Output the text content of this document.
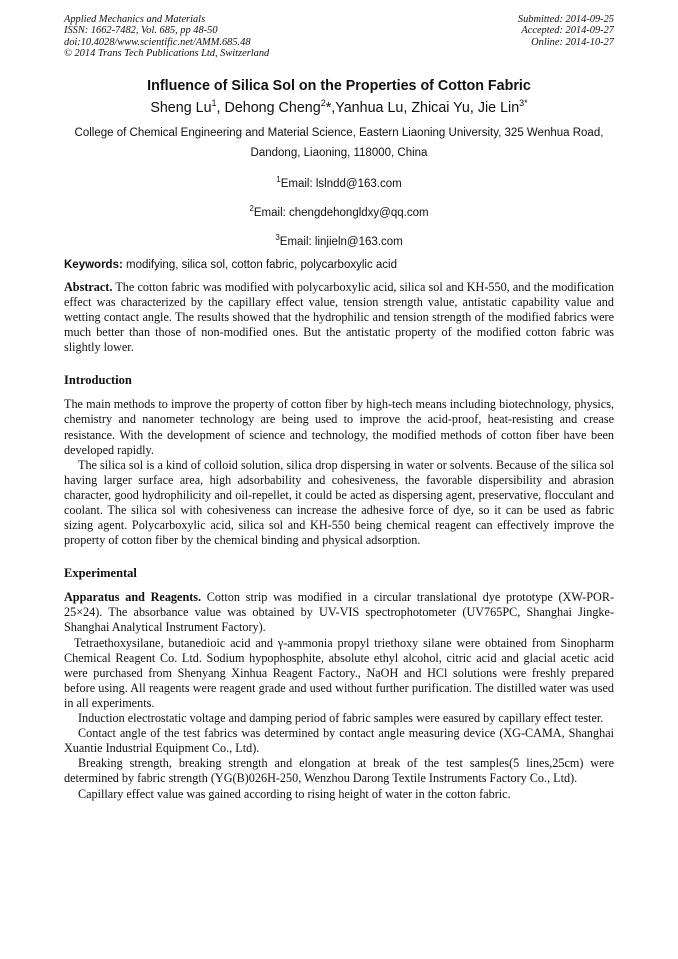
Applied Mechanics and Materials
ISSN: 1662-7482, Vol. 685, pp 48-50
doi:10.4028/www.scientific.net/AMM.685.48
© 2014 Trans Tech Publications Ltd, Switzerland
Submitted: 2014-09-25
Accepted: 2014-09-27
Online: 2014-10-27
Influence of Silica Sol on the Properties of Cotton Fabric
Sheng Lu$^1$, Dehong Cheng$^2$*,Yanhua Lu, Zhicai Yu, Jie Lin$^{3*}$
College of Chemical Engineering and Material Science, Eastern Liaoning University, 325 Wenhua Road, Dandong, Liaoning, 118000, China
$^1$Email: lslndd@163.com
$^2$Email: chengdehongldxy@qq.com
$^3$Email: linjieln@163.com
Keywords: modifying, silica sol, cotton fabric, polycarboxylic acid

Abstract. The cotton fabric was modified with polycarboxylic acid, silica sol and KH-550, and the modification effect was characterized by the capillary effect value, tension strength value, antistatic capability value and wetting contact angle. The results showed that the hydrophilic and tension strength of the modified fabrics were much better than those of non-modified ones. But the antistatic property of the modified cotton fabric was slightly lower.

Introduction

The main methods to improve the property of cotton fiber by high-tech means including biotechnology, physics, chemistry and nanometer technology are being used to improve the acid-proof, heat-resisting and crease resistance. With the development of science and technology, the modified methods of cotton fiber have been developed rapidly.

The silica sol is a kind of colloid solution, silica drop dispersing in water or solvents. Because of the silica sol having larger surface area, high adsorbability and cohesiveness, the favorable dispersibility and abrasion character, good hydrophilicity and oil-repellet, it could be acted as dispersing agent, preservative, flocculant and coolant. The silica sol with cohesiveness can increase the adhesive force of dye, so it can be used as fabric sizing agent. Polycarboxylic acid, silica sol and KH-550 being chemical reagent can effectively improve the property of cotton fiber by the chemical binding and physical adsorption.

Experimental

Apparatus and Reagents. Cotton strip was modified in a circular translational dye prototype (XW-POR-25×24). The absorbance value was obtained by UV-VIS spectrophotometer (UV765PC, Shanghai Jingke-Shanghai Analytical Instrument Factory).

Tetraethoxysilane, butanedioic acid and γ-ammonia propyl triethoxy silane were obtained from Sinopharm Chemical Reagent Co. Ltd. Sodium hypophosphite, absolute ethyl alcohol, citric acid and glacial acetic acid were purchased from Shenyang Xinhua Reagent Factory., NaOH and HCl solutions were freshly prepared before using. All reagents were reagent grade and used without further purification. The distilled water was used in all experiments.

Induction electrostatic voltage and damping period of fabric samples were easured by capillary effect tester.

Contact angle of the test fabrics was determined by contact angle measuring device (XG-CAMA, Shanghai Xuantie Industrial Equipment Co., Ltd).

Breaking strength, breaking strength and elongation at break of the test samples(5 lines,25cm) were determined by fabric strength (YG(B)026H-250, Wenzhou Darong Textile Instruments Factory Co., Ltd).

Capillary effect value was gained according to rising height of water in the cotton fabric.
